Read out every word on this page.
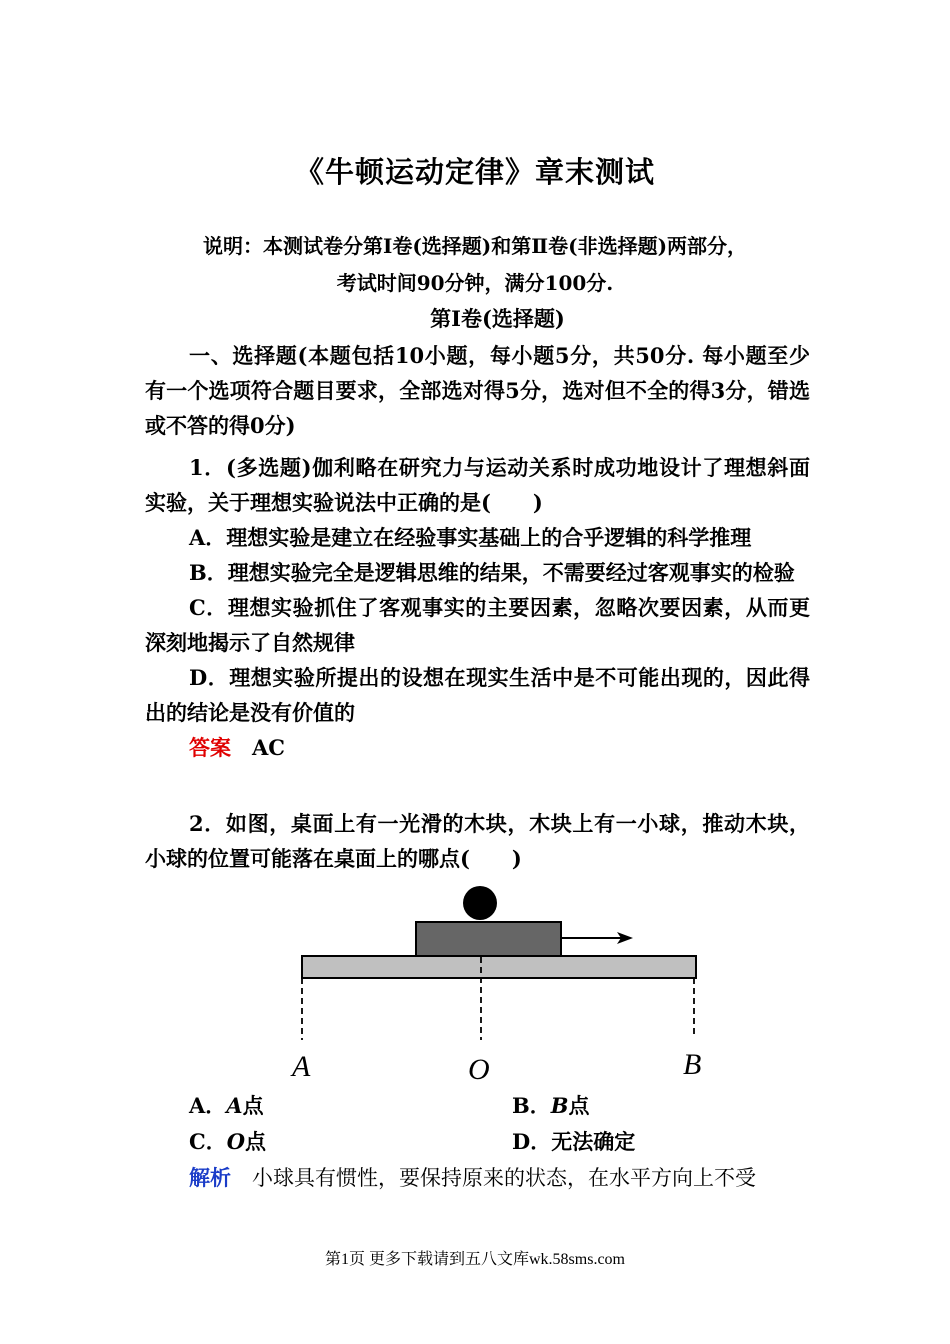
《牛顿运动定律》章末测试
说明：本测试卷分第Ⅰ卷(选择题)和第Ⅱ卷(非选择题)两部分，
考试时间90分钟，满分100分.
第Ⅰ卷(选择题)

一、选择题(本题包括10小题，每小题5分，共50分. 每小题至少有一个选项符合题目要求，全部选对得5分，选对但不全的得3分，错选或不答的得0分)

1．(多选题)伽利略在研究力与运动关系时成功地设计了理想斜面实验，关于理想实验说法中正确的是(　　)

A．理想实验是建立在经验事实基础上的合乎逻辑的科学推理

B．理想实验完全是逻辑思维的结果，不需要经过客观事实的检验

C．理想实验抓住了客观事实的主要因素，忽略次要因素，从而更深刻地揭示了自然规律

D．理想实验所提出的设想在现实生活中是不可能出现的，因此得出的结论是没有价值的

答案　 AC

2．如图，桌面上有一光滑的木块，木块上有一小球，推动木块，小球的位置可能落在桌面上的哪点(　　)

A	O	B
A．A点	B．B点
C．O点	D．无法确定
解析　 小球具有惯性，要保持原来的状态，在水平方向上不受
第1页 更多下载请到五八文库wk.58sms.com
